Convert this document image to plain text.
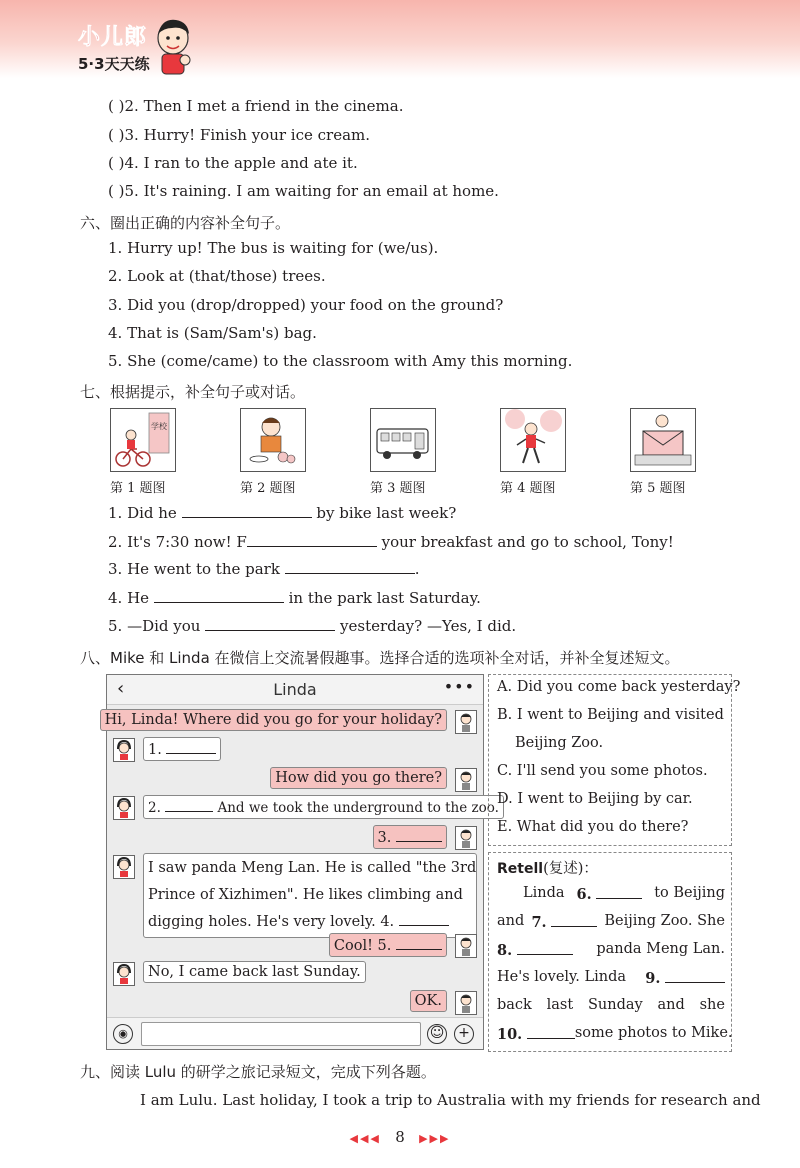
小儿郎
5·3天天练
( )2. Then I met a friend in the cinema.
( )3. Hurry! Finish your ice cream.
( )4. I ran to the apple and ate it.
( )5. It's raining. I am waiting for an email at home.
六、圈出正确的内容补全句子。
1. Hurry up! The bus is waiting for (we/us).
2. Look at (that/those) trees.
3. Did you (drop/dropped) your food on the ground?
4. That is (Sam/Sam's) bag.
5. She (come/came) to the classroom with Amy this morning.
七、根据提示，补全句子或对话。
学校
第 1 题图	第 2 题图	第 3 题图	第 4 题图	第 5 题图
1. Did he	by bike last week?
2. It's 7:30 now! F	your breakfast and go to school, Tony!
3. He went to the park	.
4. He	in the park last Saturday.
5. —Did you	yesterday? —Yes, I did.
八、Mike 和 Linda 在微信上交流暑假趣事。选择合适的选项补全对话，并补全复述短文。
‹	Linda	•••
Hi, Linda! Where did you go for your holiday?
1.
How did you go there?
2.	And we took the underground to the zoo.
3.
I saw panda Meng Lan. He is called "the 3rd
Prince of Xizhimen". He likes climbing and
digging holes. He's very lovely. 4.
Cool! 5.
No, I came back last Sunday.
OK.
◉	☺ +
A. Did you come back yesterday?
B. I went to Beijing and visited
Beijing Zoo.
C. I'll send you some photos.
D. I went to Beijing by car.
E. What did you do there?
Retell(复述)：
Linda 6.	to Beijing
and 7.	Beijing Zoo. She
8.	panda Meng Lan.
He's lovely. Linda 9.
back last Sunday and she
10.	some photos to Mike.
九、阅读 Lulu 的研学之旅记录短文，完成下列各题。
I am Lulu. Last holiday, I took a trip to Australia with my friends for research and
◀◀◀ 8 ▶▶▶
